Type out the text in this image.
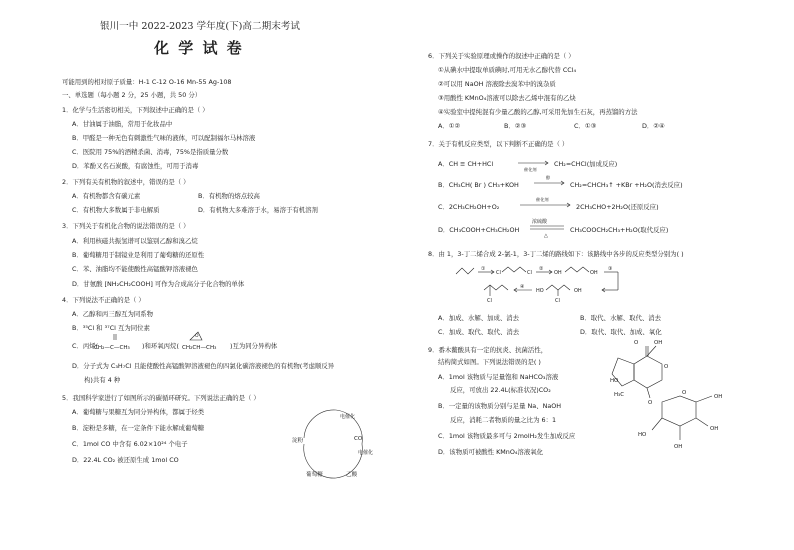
银川一中 2022-2023 学年度(下)高二期末考试
化 学 试 卷
可能用到的相对原子质量：H-1 C-12 O-16 Mn-55 Ag-108
一、单选题（每小题 2 分，25 小题，共 50 分）
1．化学与生活密切相关，下列叙述中正确的是（ ）
A．甘油属于油脂，常用于化妆品中
B．甲醛是一种无色有刺激性气味的液体，可以配制福尔马林溶液
C．医院用 75%的酒精杀菌、消毒，75%是指质量分数
D．苯酚又名石炭酸，有腐蚀性，可用于消毒
2．下列有关有机物的叙述中，错误的是（ ）
A．有机物都含有碳元素	B．有机物的熔点较高
C．有机物大多数属于非电解质	D．有机物大多难溶于水，易溶于有机溶剂
3．下列关于有机化合物的说法错误的是（ ）
A．利用核磁共振氢谱可以鉴别乙醇和溴乙烷
B．葡萄糖用于制镜业是利用了葡萄糖的还原性
C．苯、油脂均不能使酸性高锰酸钾溶液褪色
D．甘氨酸 [NH₂CH₂COOH] 可作为合成高分子化合物的单体
4．下列说法不正确的是（ ）
A．乙醇和丙三醇互为同系物
B．³⁵Cl 和 ³⁷Cl 互为同位素
C．丙烯(
CH₂—C—CH₃ )和环氧丙烷(
O
CH₂CH—CH₃ )互为同分异构体
D．分子式为 C₃H₇Cl 且能使酸性高锰酸钾溶液褪色的四氯化碳溶液褪色的有机物(考虑顺反异
构)共有 4 种
5．我国科学家进行了如图所示的碳循环研究。下列说法正确的是（ ）
A．葡萄糖与果糖互为同分异构体，都属于烃类
B．淀粉是多糖，在一定条件下能水解成葡萄糖
C．1mol CO 中含有 6.02×10²⁴ 个电子
D．22.4L CO₂ 被还原生成 1mol CO
淀粉
葡萄糖	乙酸
电催化
CO
电催化
6．下列关于实验原理或操作的叙述中正确的是（ ）
①从碘水中提取单质碘时,可用无水乙醇代替 CCl₄
②可以用 NaOH 溶液除去溴苯中的溴杂质
③用酸性 KMnO₄溶液可以除去乙烯中混有的乙炔
④实验室中提纯混有少量乙酸的乙醇,可采用先加生石灰，再蒸馏的方法
A．①②	B．②③	C．①③	D．②④
7．关于有机反应类型，以下判断不正确的是（ ）
A．CH ≡ CH+HCl
催化剂
CH₂=CHCl(加成反应)
B．CH₃CH( Br ) CH₃+KOH
醇
CH₂=CHCH₃↑ +KBr +H₂O(消去反应)
C．2CH₃CH₂OH+O₂
催化剂
2CH₃CHO+2H₂O(还原反应)
D．CH₃COOH+CH₃CH₂OH
浓硫酸
△
CH₃COOCH₂CH₃+H₂O(取代反应)
8．由 1，3-丁二烯合成 2-氯-1，3-丁二烯的路线如下：该路线中各步的反应类型分别为( )
①
Cl	Cl
②
OH	OH
③
OH
Cl
HO
④
Cl
A．加成、水解、加成、消去	B．取代、水解、取代、消去
C．加成、取代、取代、消去	D．取代、取代、加成、氧化
9．番木鳖酸具有一定的抗炎、抗菌活性，
结构简式如图。下列说法错误的是( )
A．1mol 该物质与足量饱和 NaHCO₃溶液
反应，可放出 22.4L(标准状况)CO₂
B．一定量的该物质分别与足量 Na、NaOH
反应，消耗二者物质的量之比为 6：1
C．1mol 该物质最多可与 2molH₂发生加成反应
D．该物质可被酸性 KMnO₄溶液氧化
O	OH
HO
H₃C
O
O
O
OH
OH
OH
HO
